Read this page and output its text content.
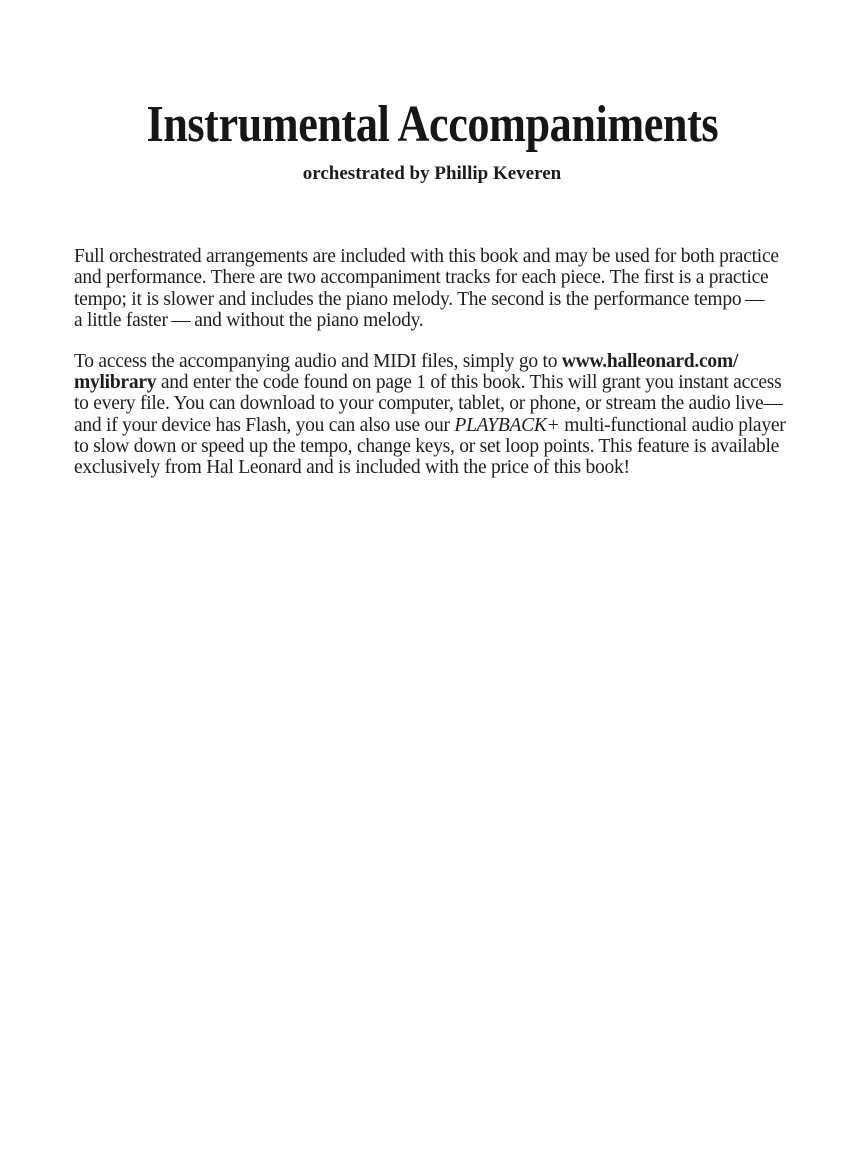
Instrumental Accompaniments
orchestrated by Phillip Keveren
Full orchestrated arrangements are included with this book and may be used for both practice
and performance. There are two accompaniment tracks for each piece. The first is a practice
tempo; it is slower and includes the piano melody. The second is the performance tempo —
a little faster — and without the piano melody.
To access the accompanying audio and MIDI files, simply go to www.halleonard.com/
mylibrary and enter the code found on page 1 of this book. This will grant you instant access
to every file. You can download to your computer, tablet, or phone, or stream the audio live—
and if your device has Flash, you can also use our PLAYBACK+ multi-functional audio player
to slow down or speed up the tempo, change keys, or set loop points. This feature is available
exclusively from Hal Leonard and is included with the price of this book!
